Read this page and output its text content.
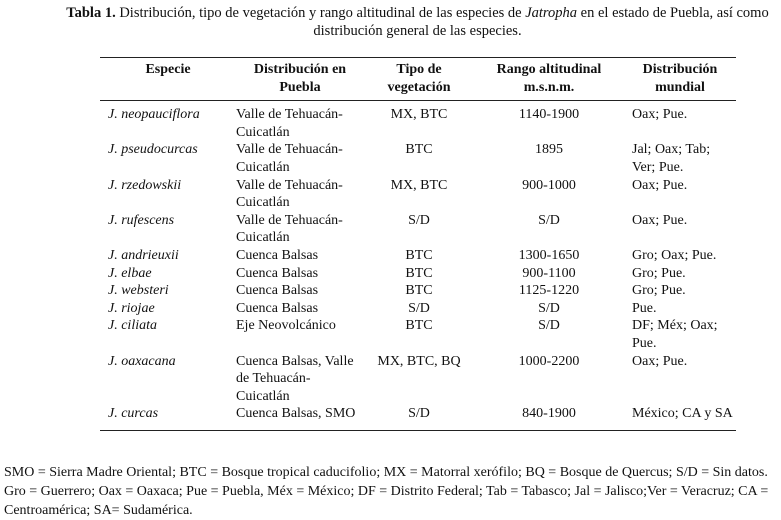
Tabla 1. Distribución, tipo de vegetación y rango altitudinal de las especies de Jatropha en el estado de Puebla, así como distribución general de las especies.
Especie	Distribución en Puebla	Tipo de vegetación	Rango altitudinal m.s.n.m.	Distribución mundial
J. neopauciflora	Valle de Tehuacán-Cuicatlán	MX, BTC	1140-1900	Oax; Pue.
J. pseudocurcas	Valle de Tehuacán-Cuicatlán	BTC	1895	Jal; Oax; Tab; Ver; Pue.
J. rzedowskii	Valle de Tehuacán-Cuicatlán	MX, BTC	900-1000	Oax; Pue.
J. rufescens	Valle de Tehuacán-Cuicatlán	S/D	S/D	Oax; Pue.
J. andrieuxii	Cuenca Balsas	BTC	1300-1650	Gro; Oax; Pue.
J. elbae	Cuenca Balsas	BTC	900-1100	Gro; Pue.
J. websteri	Cuenca Balsas	BTC	1125-1220	Gro; Pue.
J. riojae	Cuenca Balsas	S/D	S/D	Pue.
J. ciliata	Eje Neovolcánico	BTC	S/D	DF; Méx; Oax; Pue.
J. oaxacana	Cuenca Balsas, Valle de Tehuacán-Cuicatlán	MX, BTC, BQ	1000-2200	Oax; Pue.
J. curcas	Cuenca Balsas, SMO	S/D	840-1900	México; CA y SA
SMO = Sierra Madre Oriental; BTC = Bosque tropical caducifolio; MX = Matorral xerófilo; BQ = Bosque de Quercus; S/D = Sin datos. Gro = Guerrero; Oax = Oaxaca; Pue = Puebla, Méx = México; DF = Distrito Federal; Tab = Tabasco; Jal = Jalisco;Ver = Veracruz; CA = Centroamérica; SA= Sudamérica.
